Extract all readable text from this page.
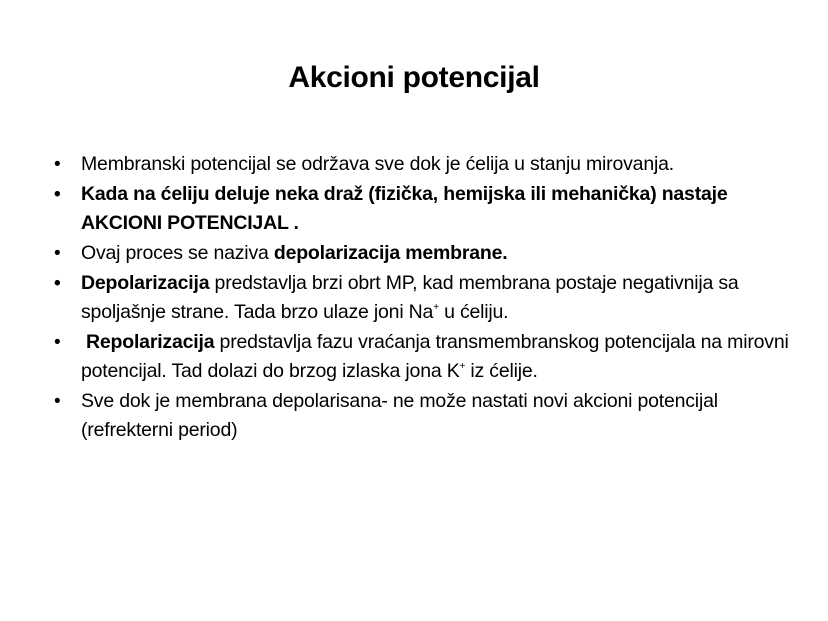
Akcioni potencijal
• Membranski potencijal se održava sve dok je ćelija u stanju mirovanja.
• Kada na ćeliju deluje neka draž (fizička, hemijska ili mehanička) nastaje AKCIONI POTENCIJAL .
• Ovaj proces se naziva depolarizacija membrane.
• Depolarizacija predstavlja brzi obrt MP, kad membrana postaje negativnija sa spoljašnje strane. Tada brzo ulaze joni Na+ u ćeliju.
• Repolarizacija predstavlja fazu vraćanja transmembranskog potencijala na mirovni potencijal. Tad dolazi do brzog izlaska jona K+ iz ćelije.
• Sve dok je membrana depolarisana- ne može nastati novi akcioni potencijal (refrekterni period)
